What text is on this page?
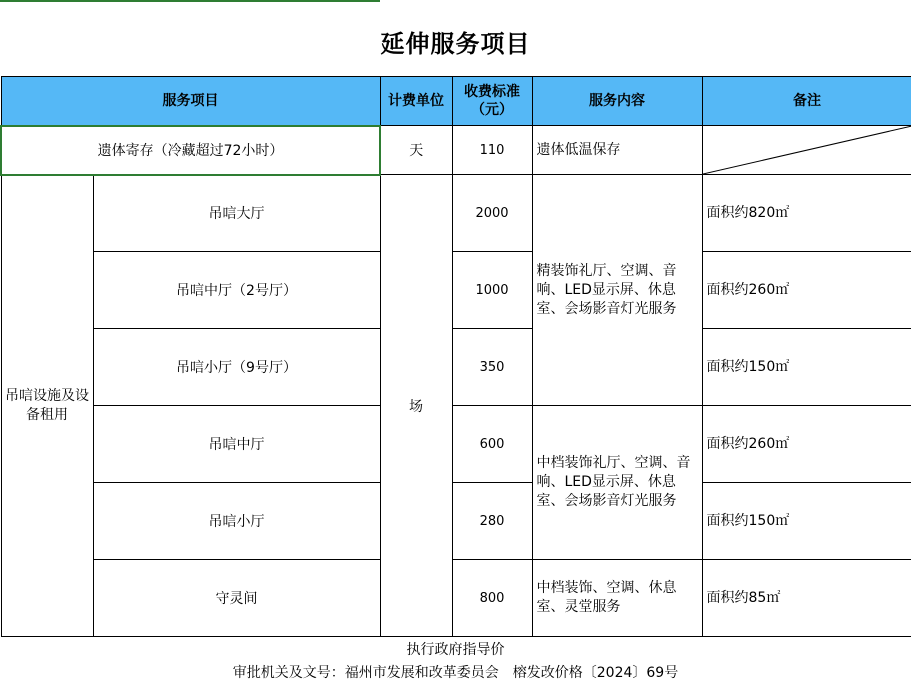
延伸服务项目
服务项目		计费单位	收费标准（元）	服务内容	备注
遗体寄存（冷藏超过72小时）		天	110	遗体低温保存	

吊唁设施及设备租用	吊唁大厅	场	2000	精装饰礼厅、空调、音响、LED显示屏、休息室、会场影音灯光服务	面积约820㎡
	吊唁中厅（2号厅）		1000		面积约260㎡
	吊唁小厅（9号厅）		350		面积约150㎡
	吊唁中厅		600	中档装饰礼厅、空调、音响、LED显示屏、休息室、会场影音灯光服务	面积约260㎡
	吊唁小厅		280		面积约150㎡
	守灵间		800	中档装饰、空调、休息室、灵堂服务	面积约85㎡
执行政府指导价
审批机关及文号：福州市发展和改革委员会　榕发改价格〔2024〕69号
